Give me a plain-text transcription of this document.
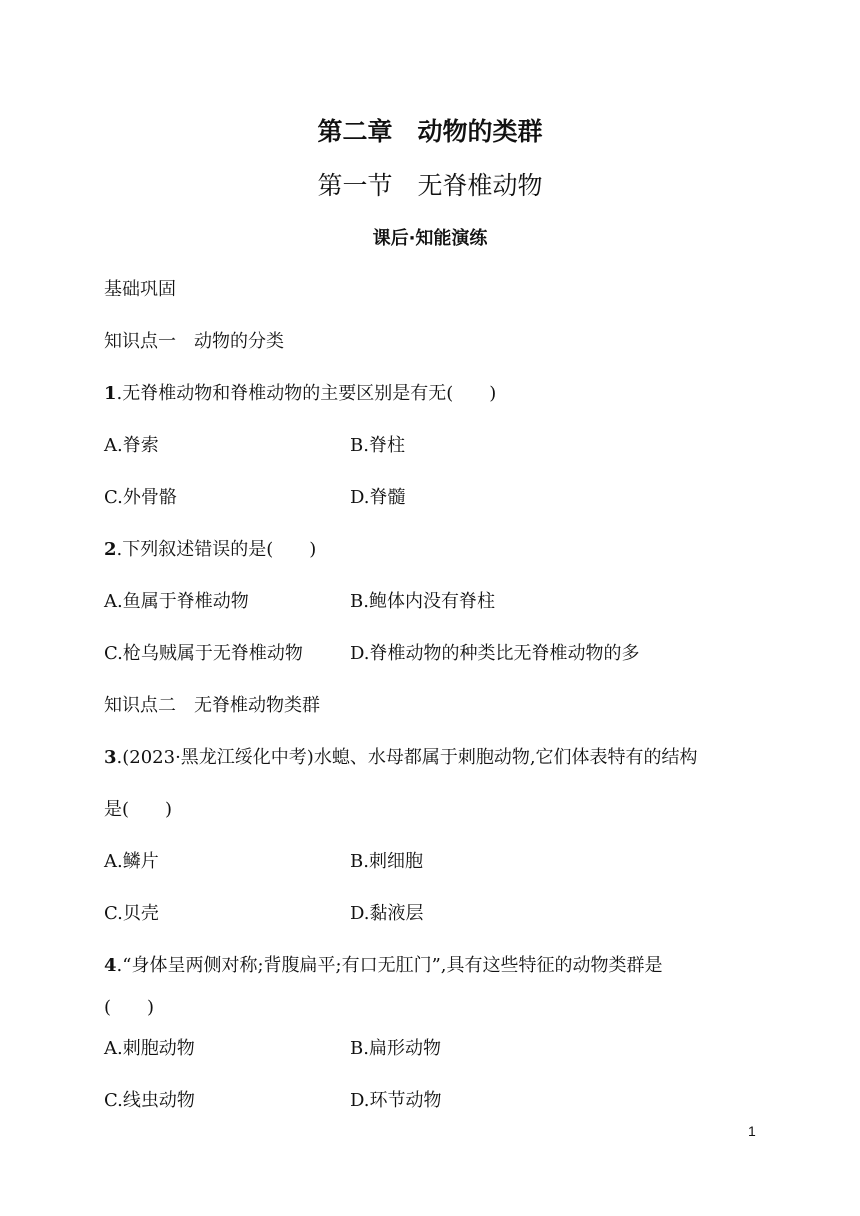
第二章　动物的类群
第一节　无脊椎动物
课后·知能演练
基础巩固
知识点一　动物的分类
1.无脊椎动物和脊椎动物的主要区别是有无(　　)
A.脊索	B.脊柱
C.外骨骼	D.脊髓
2.下列叙述错误的是(　　)
A.鱼属于脊椎动物	B.鲍体内没有脊柱
C.枪乌贼属于无脊椎动物	D.脊椎动物的种类比无脊椎动物的多
知识点二　无脊椎动物类群
3.(2023·黑龙江绥化中考)水螅、水母都属于刺胞动物,它们体表特有的结构
是(　　)
A.鳞片	B.刺细胞
C.贝壳	D.黏液层
4.“身体呈两侧对称;背腹扁平;有口无肛门”,具有这些特征的动物类群是
(　　)
A.刺胞动物	B.扁形动物
C.线虫动物	D.环节动物
1
